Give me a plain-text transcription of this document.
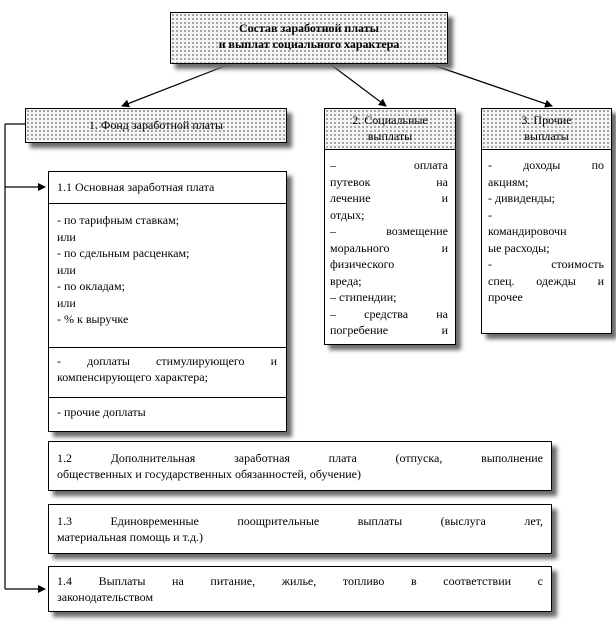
Состав заработной платы
и выплат социального характера
1. Фонд заработной платы	2. Социальные
выплаты
– оплата
путевок на
лечение и
отдых;
– возмещение
морального и
физического
вреда;
– стипендии;
– средства на
погребение и
3. Прочие
выплаты
- доходы по
акциям;
- дивиденды;
-
командировочн
ые расходы;
- стоимость
спец. одежды и
прочее
1.1 Основная заработная плата
- по тарифным ставкам;
или
- по сдельным расценкам;
или
- по окладам;
или
- % к выручке
- доплаты стимулирующего и
компенсирующего характера;
- прочие доплаты
1.2 Дополнительная заработная плата (отпуска, выполнение
общественных и государственных обязанностей, обучение)
1.3 Единовременные поощрительные выплаты (выслуга лет,
материальная помощь и т.д.)
1.4 Выплаты на питание, жилье, топливо в соответствии с
законодательством
